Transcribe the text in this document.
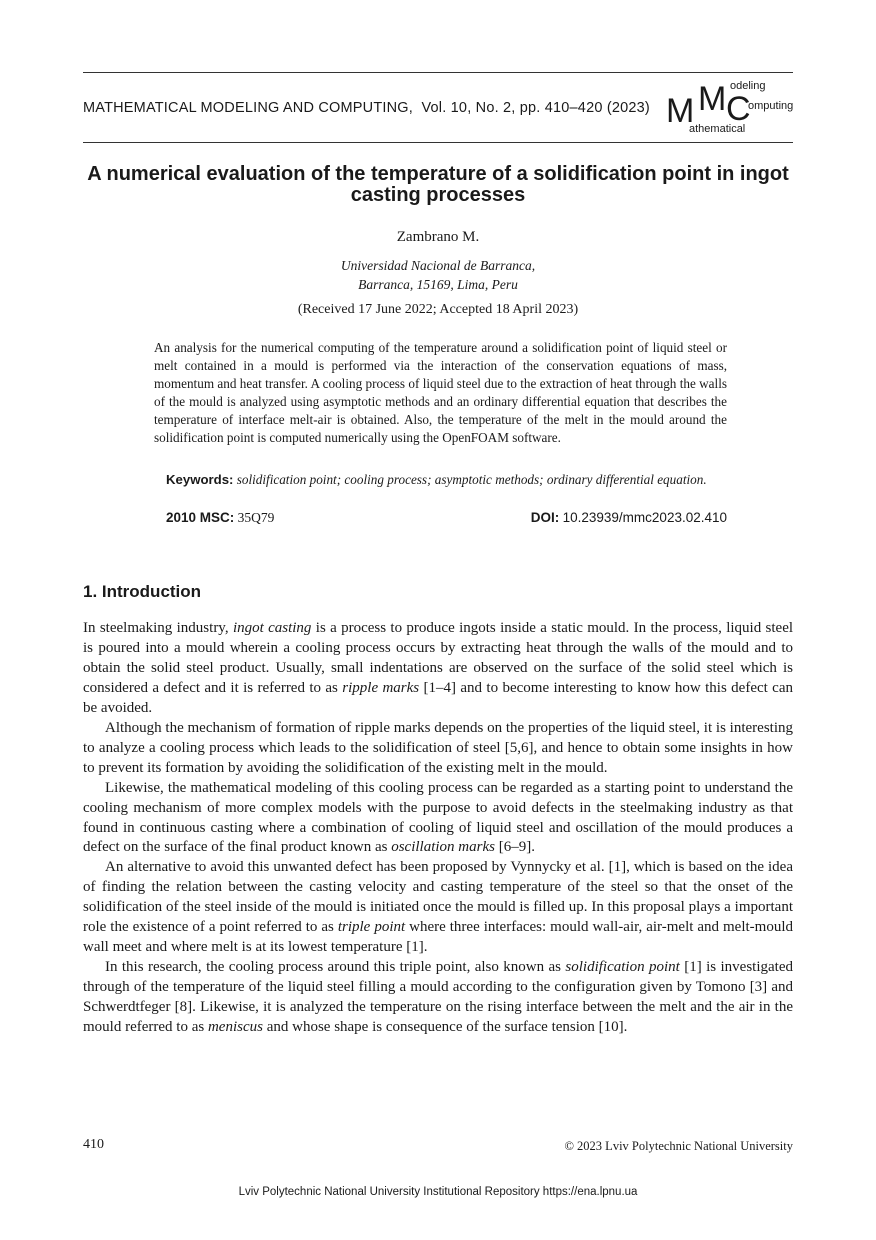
MATHEMATICAL MODELING AND COMPUTING, Vol. 10, No. 2, pp. 410–420 (2023) M M C
odeling
omputing
athematical
A numerical evaluation of the temperature of a solidification point in ingot casting processes
Zambrano M.
Universidad Nacional de Barranca,
Barranca, 15169, Lima, Peru
(Received 17 June 2022; Accepted 18 April 2023)
An analysis for the numerical computing of the temperature around a solidification point of liquid steel or melt contained in a mould is performed via the interaction of the conservation equations of mass, momentum and heat transfer. A cooling process of liquid steel due to the extraction of heat through the walls of the mould is analyzed using asymptotic methods and an ordinary differential equation that describes the temperature of interface melt-air is obtained. Also, the temperature of the melt in the mould around the solidification point is computed numerically using the OpenFOAM software.
Keywords: solidification point; cooling process; asymptotic methods; ordinary differential equation.
2010 MSC: 35Q79	DOI: 10.23939/mmc2023.02.410
1. Introduction

In steelmaking industry, ingot casting is a process to produce ingots inside a static mould. In the process, liquid steel is poured into a mould wherein a cooling process occurs by extracting heat through the walls of the mould and to obtain the solid steel product. Usually, small indentations are observed on the surface of the solid steel which is considered a defect and it is referred to as ripple marks [1–4] and to become interesting to know how this defect can be avoided.

Although the mechanism of formation of ripple marks depends on the properties of the liquid steel, it is interesting to analyze a cooling process which leads to the solidification of steel [5,6], and hence to obtain some insights in how to prevent its formation by avoiding the solidification of the existing melt in the mould.

Likewise, the mathematical modeling of this cooling process can be regarded as a starting point to understand the cooling mechanism of more complex models with the purpose to avoid defects in the steelmaking industry as that found in continuous casting where a combination of cooling of liquid steel and oscillation of the mould produces a defect on the surface of the final product known as oscillation marks [6–9].

An alternative to avoid this unwanted defect has been proposed by Vynnycky et al. [1], which is based on the idea of finding the relation between the casting velocity and casting temperature of the steel so that the onset of the solidification of the steel inside of the mould is initiated once the mould is filled up. In this proposal plays a important role the existence of a point referred to as triple point where three interfaces: mould wall-air, air-melt and melt-mould wall meet and where melt is at its lowest temperature [1].

In this research, the cooling process around this triple point, also known as solidification point [1] is investigated through of the temperature of the liquid steel filling a mould according to the configuration given by Tomono [3] and Schwerdtfeger [8]. Likewise, it is analyzed the temperature on the rising interface between the melt and the air in the mould referred to as meniscus and whose shape is consequence of the surface tension [10].

410	© 2023 Lviv Polytechnic National University
Lviv Polytechnic National University Institutional Repository https://ena.lpnu.ua
